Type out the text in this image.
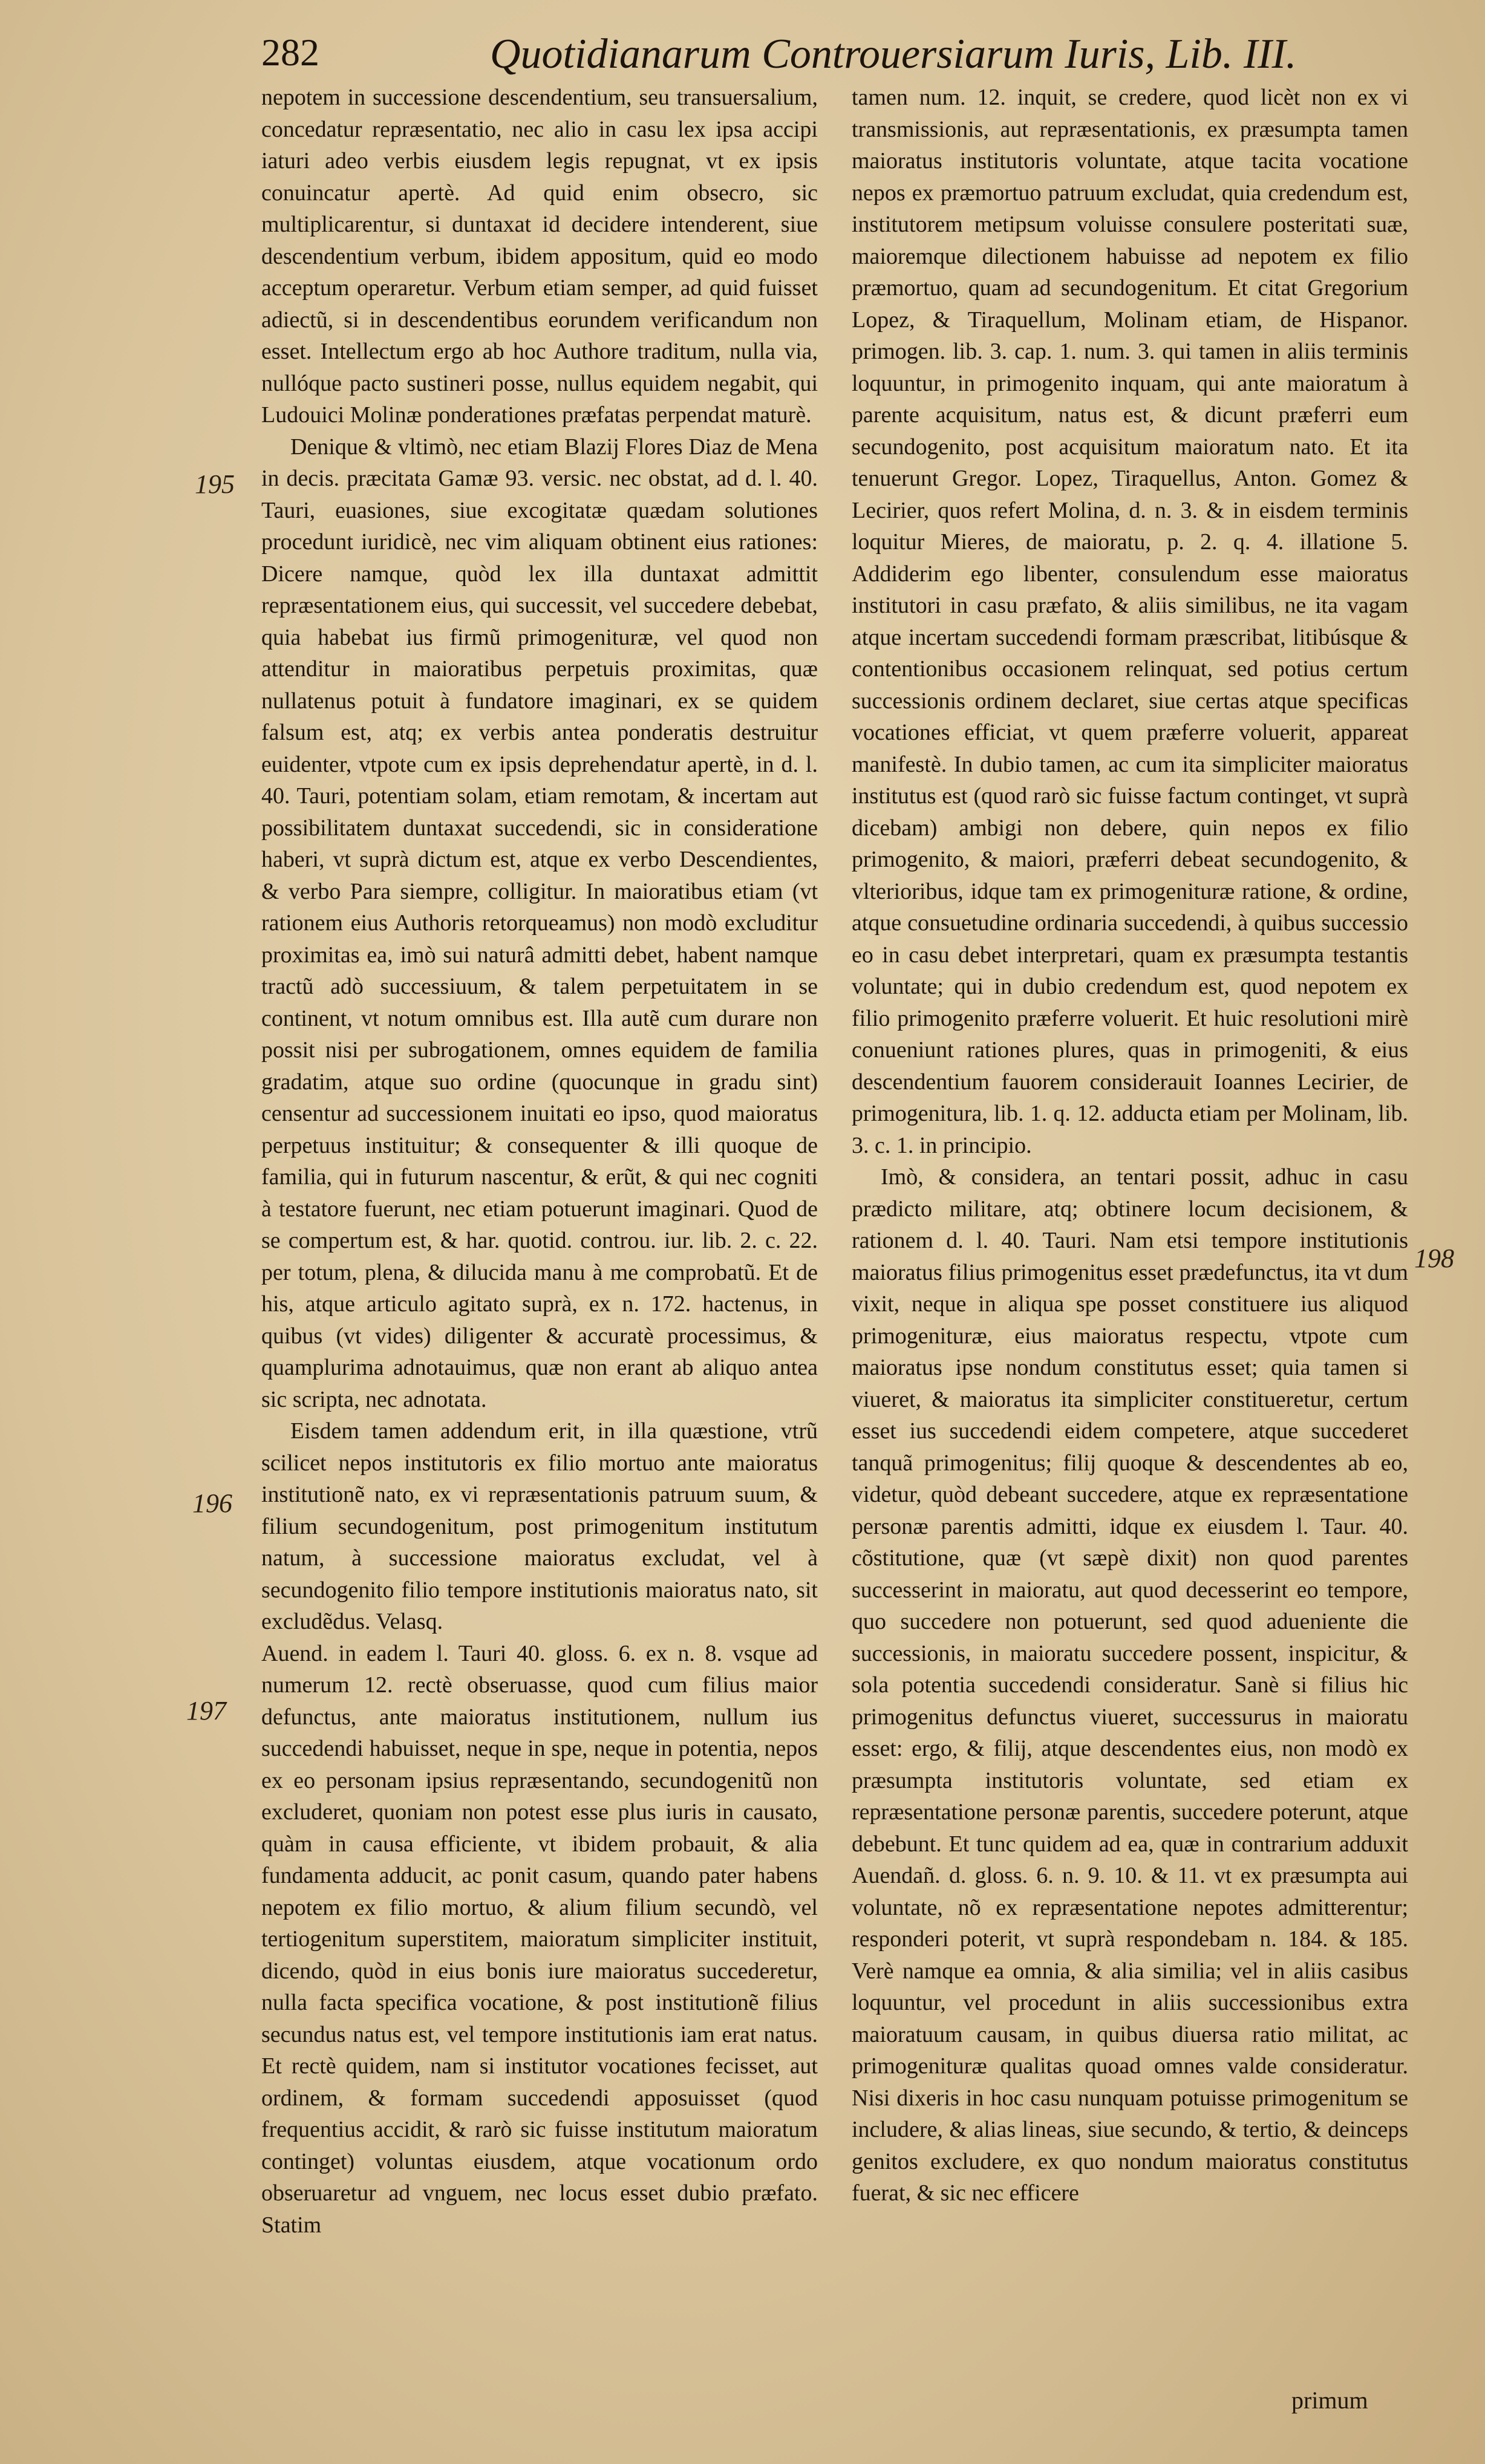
282	Quotidianarum Controuersiarum Iuris, Lib. III.
195
196
197
198

nepotem in successione descendentium, seu transuersalium, concedatur repræsentatio, nec alio in casu lex ipsa accipi iaturi adeo verbis eiusdem legis repugnat, vt ex ipsis conuincatur apertè. Ad quid enim obsecro, sic multiplicarentur, si duntaxat id decidere intenderent, siue descendentium verbum, ibidem appositum, quid eo modo acceptum operaretur. Verbum etiam semper, ad quid fuisset adiectũ, si in descendentibus eorundem verificandum non esset. Intellectum ergo ab hoc Authore traditum, nulla via, nullóque pacto sustineri posse, nullus equidem negabit, qui Ludouici Molinæ ponderationes præfatas perpendat maturè.

Denique & vltimò, nec etiam Blazij Flores Diaz de Mena in decis. præcitata Gamæ 93. versic. nec obstat, ad d. l. 40. Tauri, euasiones, siue excogitatæ quædam solutiones procedunt iuridicè, nec vim aliquam obtinent eius rationes: Dicere namque, quòd lex illa duntaxat admittit repræsentationem eius, qui successit, vel succedere debebat, quia habebat ius firmũ primogenituræ, vel quod non attenditur in maioratibus perpetuis proximitas, quæ nullatenus potuit à fundatore imaginari, ex se quidem falsum est, atq; ex verbis antea ponderatis destruitur euidenter, vtpote cum ex ipsis deprehendatur apertè, in d. l. 40. Tauri, potentiam solam, etiam remotam, & incertam aut possibilitatem duntaxat succedendi, sic in consideratione haberi, vt suprà dictum est, atque ex verbo Descendientes, & verbo Para siempre, colligitur. In maioratibus etiam (vt rationem eius Authoris retorqueamus) non modò excluditur proximitas ea, imò sui naturâ admitti debet, habent namque tractũ adò successiuum, & talem perpetuitatem in se continent, vt notum omnibus est. Illa autẽ cum durare non possit nisi per subrogationem, omnes equidem de familia gradatim, atque suo ordine (quocunque in gradu sint) censentur ad successionem inuitati eo ipso, quod maioratus perpetuus instituitur; & consequenter & illi quoque de familia, qui in futurum nascentur, & erũt, & qui nec cogniti à testatore fuerunt, nec etiam potuerunt imaginari. Quod de se compertum est, & har. quotid. controu. iur. lib. 2. c. 22. per totum, plena, & dilucida manu à me comprobatũ. Et de his, atque articulo agitato suprà, ex n. 172. hactenus, in quibus (vt vides) diligenter & accuratè processimus, & quamplurima adnotauimus, quæ non erant ab aliquo antea sic scripta, nec adnotata.

Eisdem tamen addendum erit, in illa quæstione, vtrũ scilicet nepos institutoris ex filio mortuo ante maioratus institutionẽ nato, ex vi repræsentationis patruum suum, & filium secundogenitum, post primogenitum institutum natum, à successione maioratus excludat, vel à secundogenito filio tempore institutionis maioratus nato, sit excludẽdus. Velasq.

Auend. in eadem l. Tauri 40. gloss. 6. ex n. 8. vsque ad numerum 12. rectè obseruasse, quod cum filius maior defunctus, ante maioratus institutionem, nullum ius succedendi habuisset, neque in spe, neque in potentia, nepos ex eo personam ipsius repræsentando, secundogenitũ non excluderet, quoniam non potest esse plus iuris in causato, quàm in causa efficiente, vt ibidem probauit, & alia fundamenta adducit, ac ponit casum, quando pater habens nepotem ex filio mortuo, & alium filium secundò, vel tertiogenitum superstitem, maioratum simpliciter instituit, dicendo, quòd in eius bonis iure maioratus succederetur, nulla facta specifica vocatione, & post institutionẽ filius secundus natus est, vel tempore institutionis iam erat natus. Et rectè quidem, nam si institutor vocationes fecisset, aut ordinem, & formam succedendi apposuisset (quod frequentius accidit, & rarò sic fuisse institutum maioratum continget) voluntas eiusdem, atque vocationum ordo obseruaretur ad vnguem, nec locus esset dubio præfato. Statim

tamen num. 12. inquit, se credere, quod licèt non ex vi transmissionis, aut repræsentationis, ex præsumpta tamen maioratus institutoris voluntate, atque tacita vocatione nepos ex præmortuo patruum excludat, quia credendum est, institutorem metipsum voluisse consulere posteritati suæ, maioremque dilectionem habuisse ad nepotem ex filio præmortuo, quam ad secundogenitum. Et citat Gregorium Lopez, & Tiraquellum, Molinam etiam, de Hispanor. primogen. lib. 3. cap. 1. num. 3. qui tamen in aliis terminis loquuntur, in primogenito inquam, qui ante maioratum à parente acquisitum, natus est, & dicunt præferri eum secundogenito, post acquisitum maioratum nato. Et ita tenuerunt Gregor. Lopez, Tiraquellus, Anton. Gomez & Lecirier, quos refert Molina, d. n. 3. & in eisdem terminis loquitur Mieres, de maioratu, p. 2. q. 4. illatione 5. Addiderim ego libenter, consulendum esse maioratus institutori in casu præfato, & aliis similibus, ne ita vagam atque incertam succedendi formam præscribat, litibúsque & contentionibus occasionem relinquat, sed potius certum successionis ordinem declaret, siue certas atque specificas vocationes efficiat, vt quem præferre voluerit, appareat manifestè. In dubio tamen, ac cum ita simpliciter maioratus institutus est (quod rarò sic fuisse factum continget, vt suprà dicebam) ambigi non debere, quin nepos ex filio primogenito, & maiori, præferri debeat secundogenito, & vlterioribus, idque tam ex primogenituræ ratione, & ordine, atque consuetudine ordinaria succedendi, à quibus successio eo in casu debet interpretari, quam ex præsumpta testantis voluntate; qui in dubio credendum est, quod nepotem ex filio primogenito præferre voluerit. Et huic resolutioni mirè conueniunt rationes plures, quas in primogeniti, & eius descendentium fauorem considerauit Ioannes Lecirier, de primogenitura, lib. 1. q. 12. adducta etiam per Molinam, lib. 3. c. 1. in principio.

Imò, & considera, an tentari possit, adhuc in casu prædicto militare, atq; obtinere locum decisionem, & rationem d. l. 40. Tauri. Nam etsi tempore institutionis maioratus filius primogenitus esset prædefunctus, ita vt dum vixit, neque in aliqua spe posset constituere ius aliquod primogenituræ, eius maioratus respectu, vtpote cum maioratus ipse nondum constitutus esset; quia tamen si viueret, & maioratus ita simpliciter constitueretur, certum esset ius succedendi eidem competere, atque succederet tanquã primogenitus; filij quoque & descendentes ab eo, videtur, quòd debeant succedere, atque ex repræsentatione personæ parentis admitti, idque ex eiusdem l. Taur. 40. cõstitutione, quæ (vt sæpè dixit) non quod parentes successerint in maioratu, aut quod decesserint eo tempore, quo succedere non potuerunt, sed quod adueniente die successionis, in maioratu succedere possent, inspicitur, & sola potentia succedendi consideratur. Sanè si filius hic primogenitus defunctus viueret, successurus in maioratu esset: ergo, & filij, atque descendentes eius, non modò ex præsumpta institutoris voluntate, sed etiam ex repræsentatione personæ parentis, succedere poterunt, atque debebunt. Et tunc quidem ad ea, quæ in contrarium adduxit Auendañ. d. gloss. 6. n. 9. 10. & 11. vt ex præsumpta aui voluntate, nõ ex repræsentatione nepotes admitterentur; responderi poterit, vt suprà respondebam n. 184. & 185. Verè namque ea omnia, & alia similia; vel in aliis casibus loquuntur, vel procedunt in aliis successionibus extra maioratuum causam, in quibus diuersa ratio militat, ac primogenituræ qualitas quoad omnes valde consideratur. Nisi dixeris in hoc casu nunquam potuisse primogenitum se includere, & alias lineas, siue secundo, & tertio, & deinceps genitos excludere, ex quo nondum maioratus constitutus fuerat, & sic nec efficere

primum
